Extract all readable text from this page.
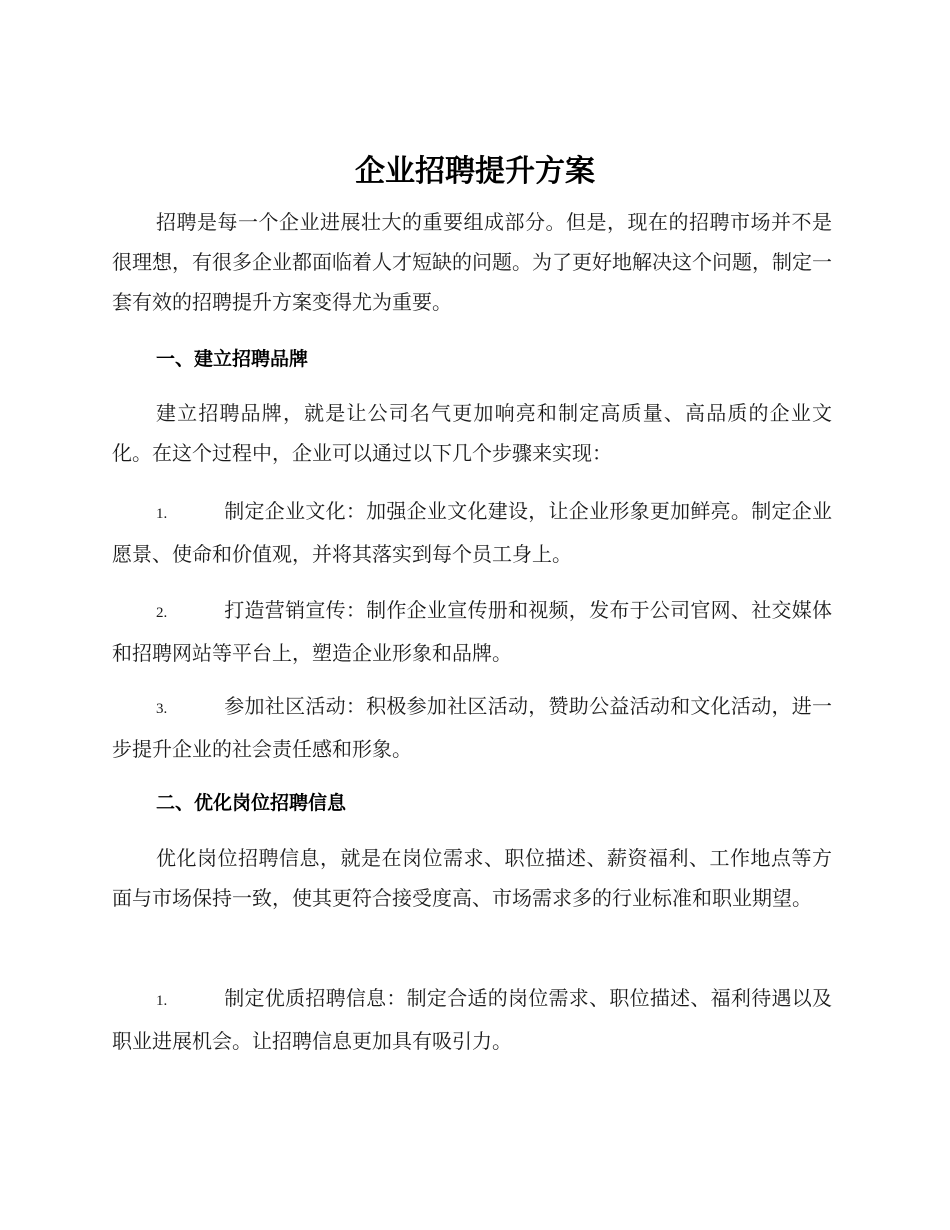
企业招聘提升方案
招聘是每一个企业进展壮大的重要组成部分。但是，现在的招聘市场并不是很理想，有很多企业都面临着人才短缺的问题。为了更好地解决这个问题，制定一套有效的招聘提升方案变得尤为重要。
一、建立招聘品牌
建立招聘品牌，就是让公司名气更加响亮和制定高质量、高品质的企业文化。在这个过程中，企业可以通过以下几个步骤来实现：
1.	制定企业文化：加强企业文化建设，让企业形象更加鲜亮。制定企业愿景、使命和价值观，并将其落实到每个员工身上。
2.	打造营销宣传：制作企业宣传册和视频，发布于公司官网、社交媒体和招聘网站等平台上，塑造企业形象和品牌。
3.	参加社区活动：积极参加社区活动，赞助公益活动和文化活动，进一步提升企业的社会责任感和形象。
二、优化岗位招聘信息
优化岗位招聘信息，就是在岗位需求、职位描述、薪资福利、工作地点等方面与市场保持一致，使其更符合接受度高、市场需求多的行业标准和职业期望。
1.	制定优质招聘信息：制定合适的岗位需求、职位描述、福利待遇以及职业进展机会。让招聘信息更加具有吸引力。
